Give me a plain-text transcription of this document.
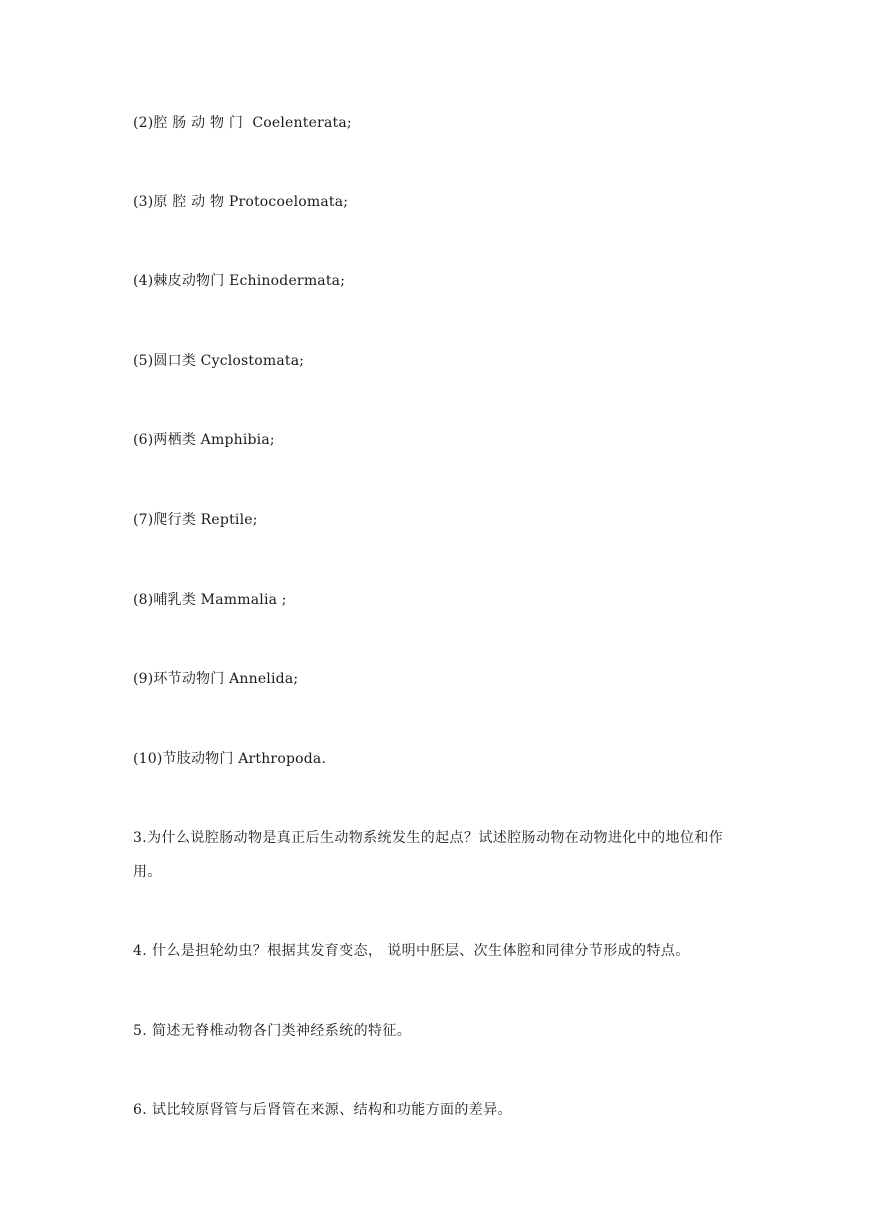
(2)腔 肠 动 物 门  Coelenterata;
(3)原 腔 动 物 Protocoelomata;
(4)棘皮动物门 Echinodermata;
(5)圆口类 Cyclostomata;
(6)两栖类 Amphibia;
(7)爬行类 Reptile;
(8)哺乳类 Mammalia ;
(9)环节动物门 Annelida;
(10)节肢动物门 Arthropoda.
3.为什么说腔肠动物是真正后生动物系统发生的起点？试述腔肠动物在动物进化中的地位和作用。
4. 什么是担轮幼虫？根据其发育变态， 说明中胚层、次生体腔和同律分节形成的特点。
5. 简述无脊椎动物各门类神经系统的特征。
6. 试比较原肾管与后肾管在来源、结构和功能方面的差异。
